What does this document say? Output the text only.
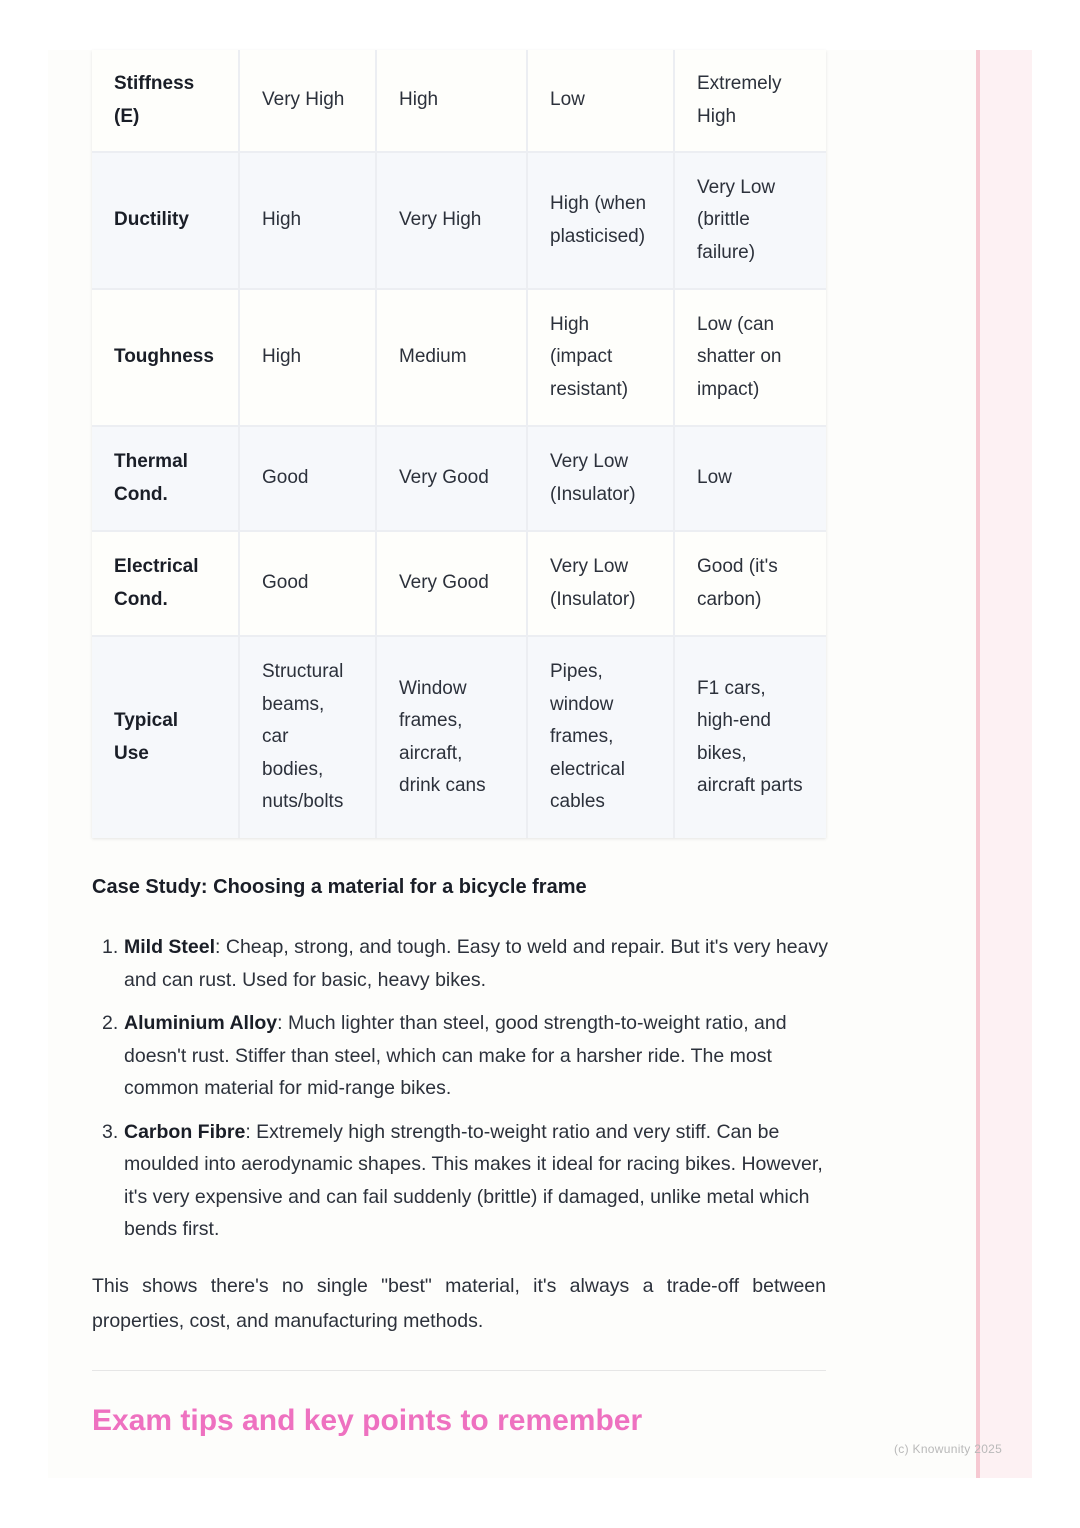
Stiffness (E)	Very High	High	Low	Extremely High
Ductility	High	Very High	High (when plasticised)	Very Low (brittle failure)
Toughness	High	Medium	High (impact resistant)	Low (can shatter on impact)
Thermal Cond.	Good	Very Good	Very Low (Insulator)	Low
Electrical Cond.	Good	Very Good	Very Low (Insulator)	Good (it's carbon)
Typical Use	Structural beams, car bodies, nuts/bolts	Window frames, aircraft, drink cans	Pipes, window frames, electrical cables	F1 cars, high-end bikes, aircraft parts
Case Study: Choosing a material for a bicycle frame
1. Mild Steel: Cheap, strong, and tough. Easy to weld and repair. But it's very heavy and can rust. Used for basic, heavy bikes.
2. Aluminium Alloy: Much lighter than steel, good strength-to-weight ratio, and doesn't rust. Stiffer than steel, which can make for a harsher ride. The most common material for mid-range bikes.
3. Carbon Fibre: Extremely high strength-to-weight ratio and very stiff. Can be moulded into aerodynamic shapes. This makes it ideal for racing bikes. However, it's very expensive and can fail suddenly (brittle) if damaged, unlike metal which bends first.

This shows there's no single "best" material, it's always a trade-off between properties, cost, and manufacturing methods.

Exam tips and key points to remember
(c) Knowunity 2025
